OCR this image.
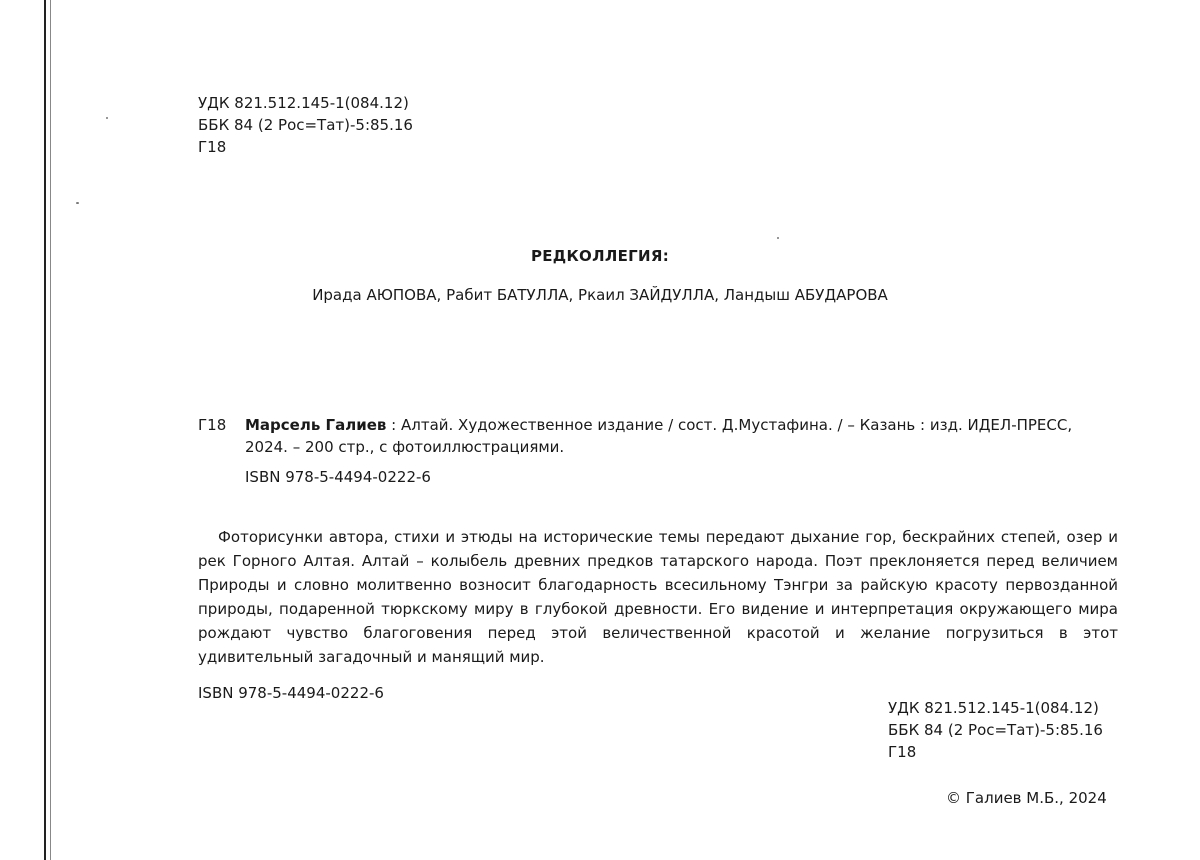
УДК 821.512.145-1(084.12)
ББК 84 (2 Рос=Тат)-5:85.16
Г18
РЕДКОЛЛЕГИЯ:
Ирада АЮПОВА, Рабит БАТУЛЛА, Ркаил ЗАЙДУЛЛА, Ландыш АБУДАРОВА
Г18 Марсель Галиев : Алтай. Художественное издание / сост. Д.Мустафина. / – Казань : изд. ИДЕЛ-ПРЕСС,
2024. – 200 стр., с фотоиллюстрациями.
ISBN 978-5-4494-0222-6
Фоторисунки автора, стихи и этюды на исторические темы передают дыхание гор, бескрайних степей, озер и рек Горного Алтая. Алтай – колыбель древних предков татарского народа. Поэт преклоняется перед величием Природы и словно молитвенно возносит благодарность всесильному Тэнгри за райскую красоту первозданной природы, подаренной тюркскому миру в глубокой древности. Его видение и интерпретация окружающего мира рождают чувство благоговения перед этой величественной красотой и желание погрузиться в этот удивительный загадочный и манящий мир.
ISBN 978-5-4494-0222-6
УДК 821.512.145-1(084.12)
ББК 84 (2 Рос=Тат)-5:85.16
Г18
© Галиев М.Б., 2024
